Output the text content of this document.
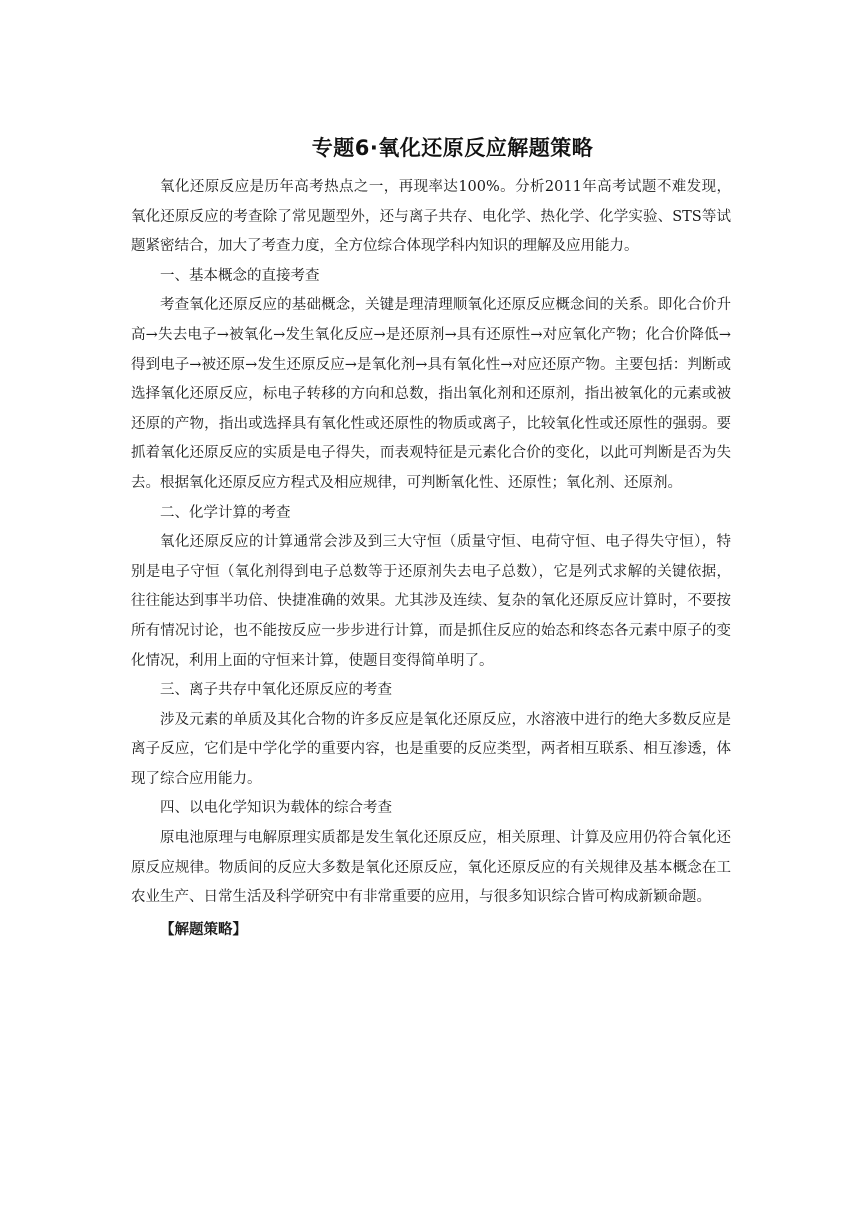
专题6·氧化还原反应解题策略

氧化还原反应是历年高考热点之一，再现率达100%。分析2011年高考试题不难发现，氧化还原反应的考查除了常见题型外，还与离子共存、电化学、热化学、化学实验、STS等试题紧密结合，加大了考查力度，全方位综合体现学科内知识的理解及应用能力。

一、基本概念的直接考查

考查氧化还原反应的基础概念，关键是理清理顺氧化还原反应概念间的关系。即化合价升高→失去电子→被氧化→发生氧化反应→是还原剂→具有还原性→对应氧化产物；化合价降低→得到电子→被还原→发生还原反应→是氧化剂→具有氧化性→对应还原产物。主要包括：判断或选择氧化还原反应，标电子转移的方向和总数，指出氧化剂和还原剂，指出被氧化的元素或被还原的产物，指出或选择具有氧化性或还原性的物质或离子，比较氧化性或还原性的强弱。要抓着氧化还原反应的实质是电子得失，而表观特征是元素化合价的变化，以此可判断是否为失去。根据氧化还原反应方程式及相应规律，可判断氧化性、还原性；氧化剂、还原剂。

二、化学计算的考查

氧化还原反应的计算通常会涉及到三大守恒（质量守恒、电荷守恒、电子得失守恒），特别是电子守恒（氧化剂得到电子总数等于还原剂失去电子总数），它是列式求解的关键依据，往往能达到事半功倍、快捷准确的效果。尤其涉及连续、复杂的氧化还原反应计算时，不要按所有情况讨论，也不能按反应一步步进行计算，而是抓住反应的始态和终态各元素中原子的变化情况，利用上面的守恒来计算，使题目变得简单明了。

三、离子共存中氧化还原反应的考查

涉及元素的单质及其化合物的许多反应是氧化还原反应，水溶液中进行的绝大多数反应是离子反应，它们是中学化学的重要内容，也是重要的反应类型，两者相互联系、相互渗透，体现了综合应用能力。

四、以电化学知识为载体的综合考查

原电池原理与电解原理实质都是发生氧化还原反应，相关原理、计算及应用仍符合氧化还原反应规律。物质间的反应大多数是氧化还原反应，氧化还原反应的有关规律及基本概念在工农业生产、日常生活及科学研究中有非常重要的应用，与很多知识综合皆可构成新颖命题。

【解题策略】
